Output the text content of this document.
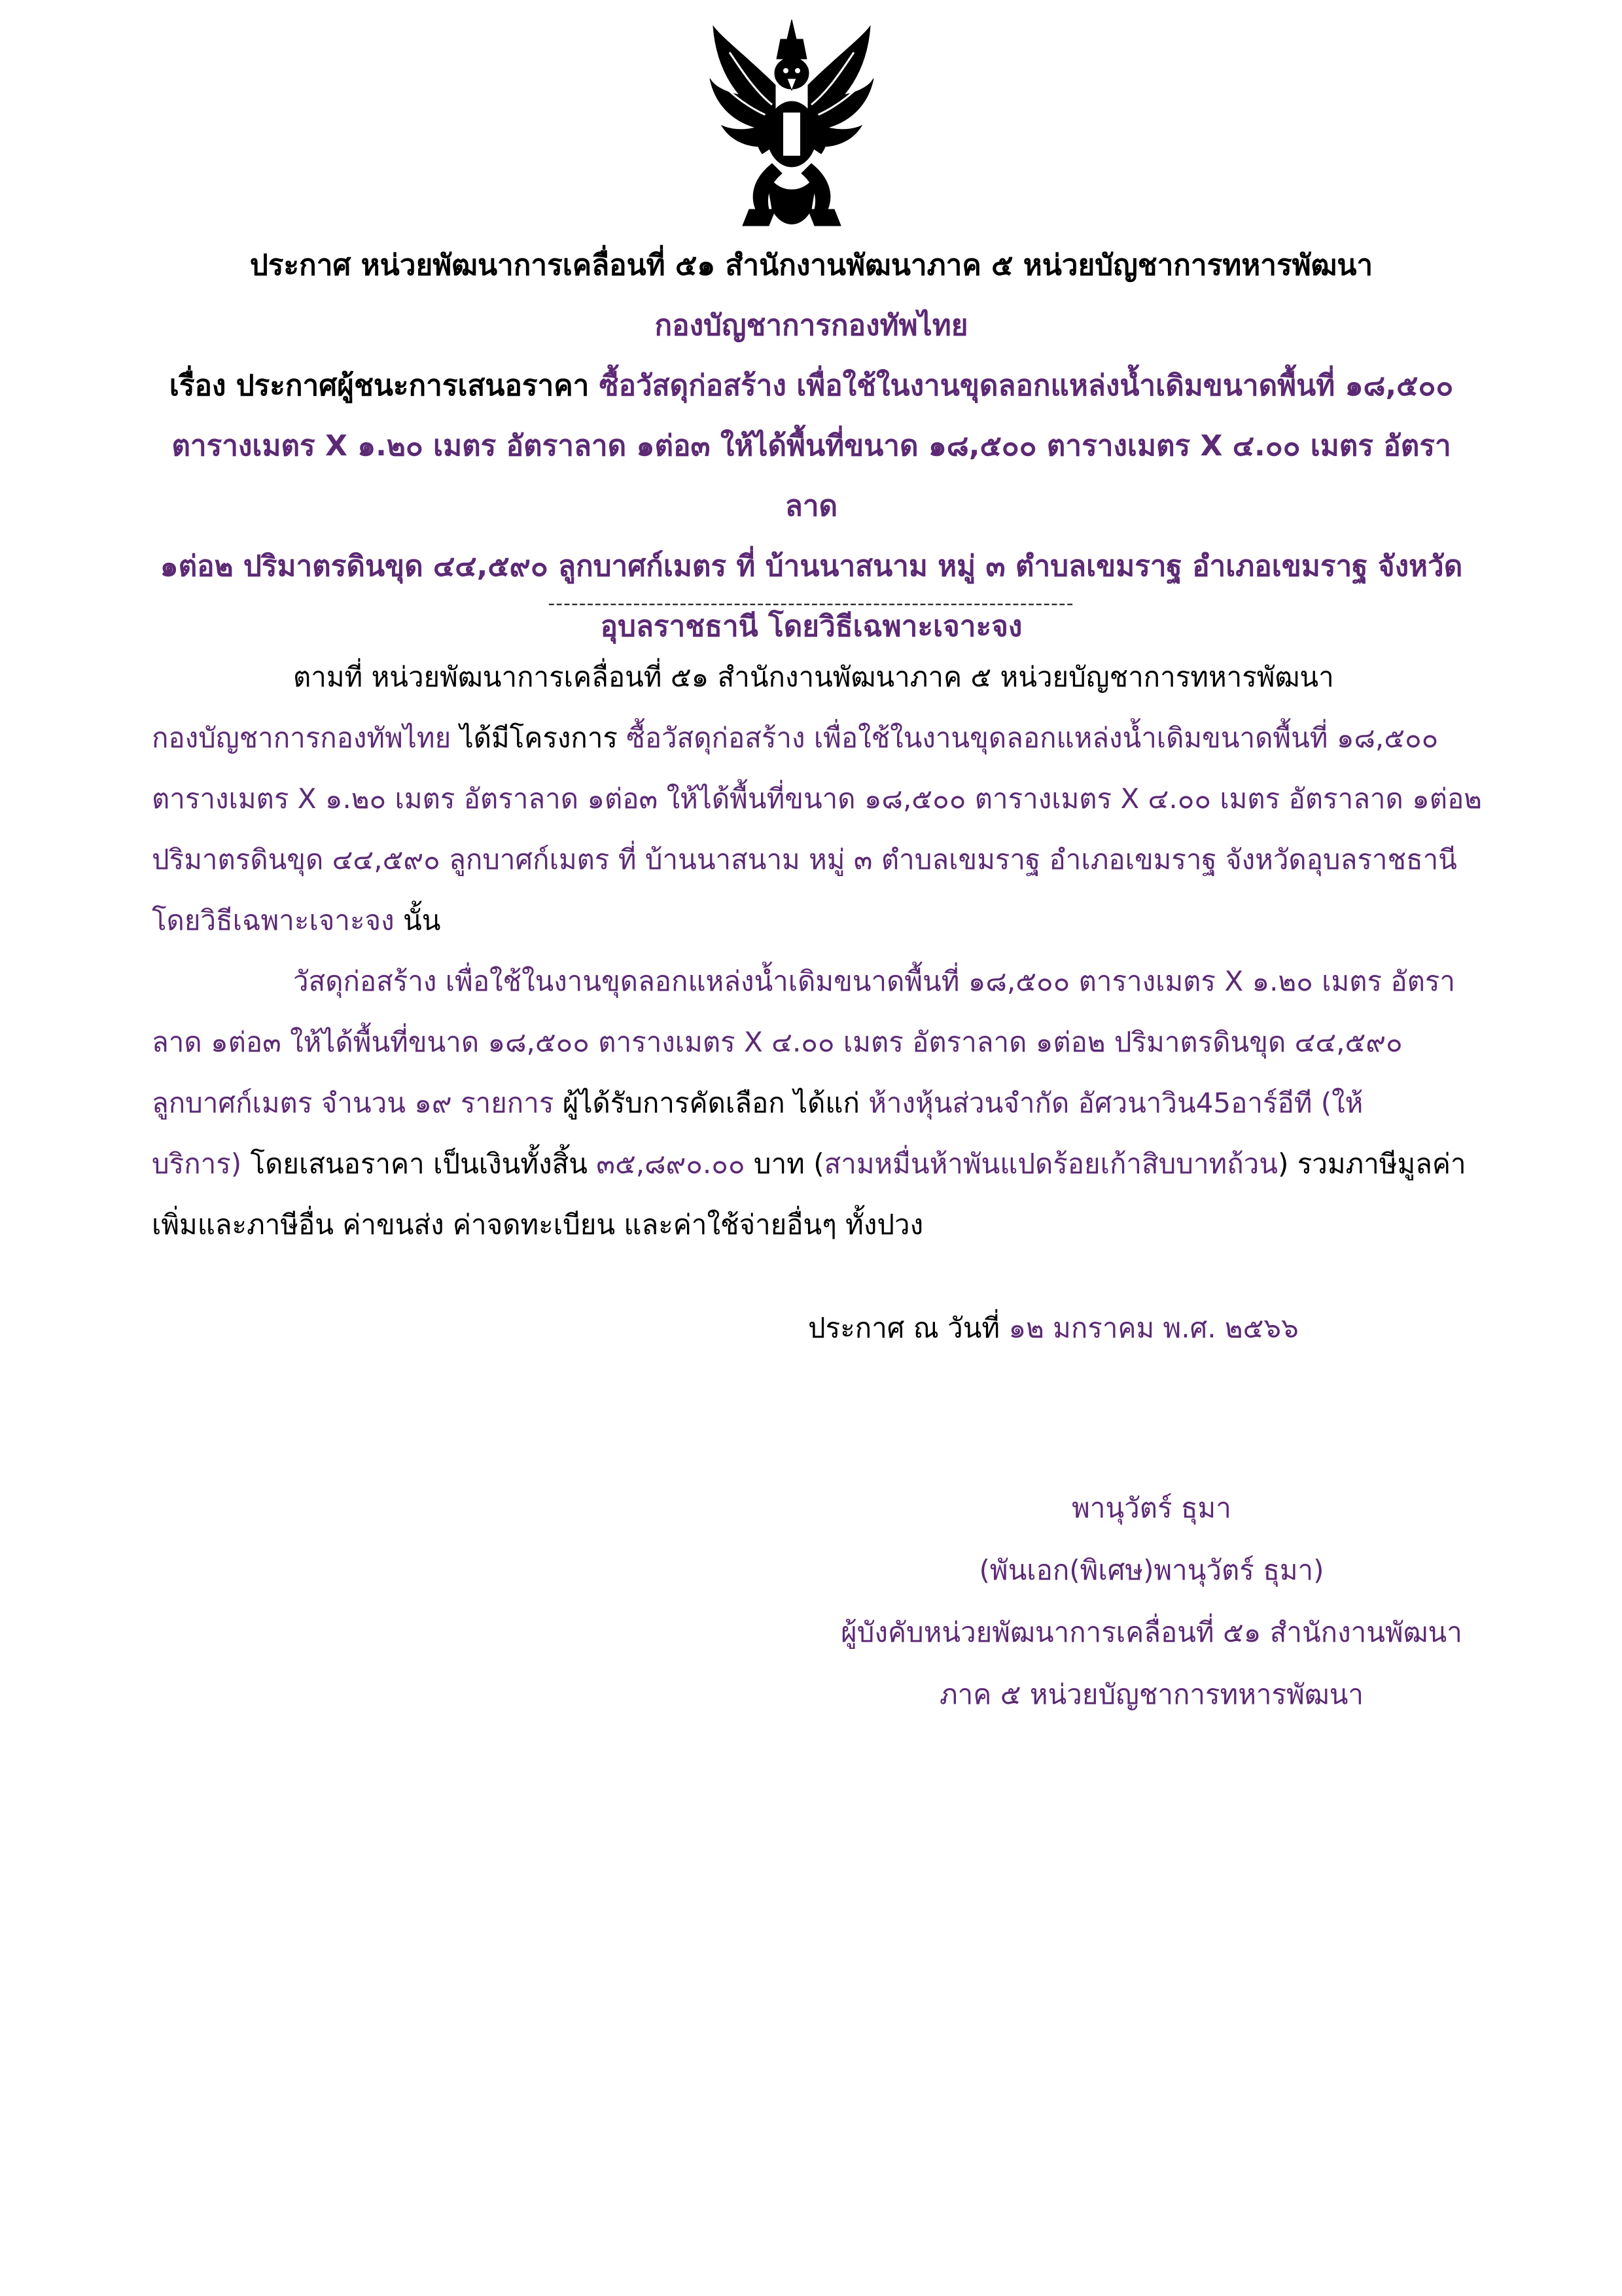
ประกาศ หน่วยพัฒนาการเคลื่อนที่ ๕๑ สำนักงานพัฒนาภาค ๕ หน่วยบัญชาการทหารพัฒนา
กองบัญชาการกองทัพไทย
เรื่อง ประกาศผู้ชนะการเสนอราคา ซื้อวัสดุก่อสร้าง เพื่อใช้ในงานขุดลอกแหล่งน้ำเดิมขนาดพื้นที่ ๑๘,๕๐๐
ตารางเมตร X ๑.๒๐ เมตร อัตราลาด ๑ต่อ๓ ให้ได้พื้นที่ขนาด ๑๘,๕๐๐ ตารางเมตร X ๔.๐๐ เมตร อัตราลาด
๑ต่อ๒ ปริมาตรดินขุด ๔๔,๕๙๐ ลูกบาศก์เมตร ที่ บ้านนาสนาม หมู่ ๓ ตำบลเขมราฐ อำเภอเขมราฐ จังหวัด
อุบลราชธานี โดยวิธีเฉพาะเจาะจง
--------------------------------------------------------------------
ตามที่ หน่วยพัฒนาการเคลื่อนที่ ๕๑ สำนักงานพัฒนาภาค ๕ หน่วยบัญชาการทหารพัฒนา
กองบัญชาการกองทัพไทย ได้มีโครงการ ซื้อวัสดุก่อสร้าง เพื่อใช้ในงานขุดลอกแหล่งน้ำเดิมขนาดพื้นที่ ๑๘,๕๐๐
ตารางเมตร X ๑.๒๐ เมตร อัตราลาด ๑ต่อ๓ ให้ได้พื้นที่ขนาด ๑๘,๕๐๐ ตารางเมตร X ๔.๐๐ เมตร อัตราลาด ๑ต่อ๒
ปริมาตรดินขุด ๔๔,๕๙๐ ลูกบาศก์เมตร ที่ บ้านนาสนาม หมู่ ๓ ตำบลเขมราฐ อำเภอเขมราฐ จังหวัดอุบลราชธานี
โดยวิธีเฉพาะเจาะจง นั้น
วัสดุก่อสร้าง เพื่อใช้ในงานขุดลอกแหล่งน้ำเดิมขนาดพื้นที่ ๑๘,๕๐๐ ตารางเมตร X ๑.๒๐ เมตร อัตรา
ลาด ๑ต่อ๓ ให้ได้พื้นที่ขนาด ๑๘,๕๐๐ ตารางเมตร X ๔.๐๐ เมตร อัตราลาด ๑ต่อ๒ ปริมาตรดินขุด ๔๔,๕๙๐
ลูกบาศก์เมตร จำนวน ๑๙ รายการ ผู้ได้รับการคัดเลือก ได้แก่ ห้างหุ้นส่วนจำกัด อัศวนาวิน45อาร์อีที (ให้
บริการ) โดยเสนอราคา เป็นเงินทั้งสิ้น ๓๕,๘๙๐.๐๐ บาท (สามหมื่นห้าพันแปดร้อยเก้าสิบบาทถ้วน) รวมภาษีมูลค่า
เพิ่มและภาษีอื่น ค่าขนส่ง ค่าจดทะเบียน และค่าใช้จ่ายอื่นๆ ทั้งปวง
ประกาศ ณ วันที่ ๑๒ มกราคม พ.ศ. ๒๕๖๖
พานุวัตร์ ธุมา
(พันเอก(พิเศษ)พานุวัตร์ ธุมา)
ผู้บังคับหน่วยพัฒนาการเคลื่อนที่ ๕๑ สำนักงานพัฒนา
ภาค ๕ หน่วยบัญชาการทหารพัฒนา
